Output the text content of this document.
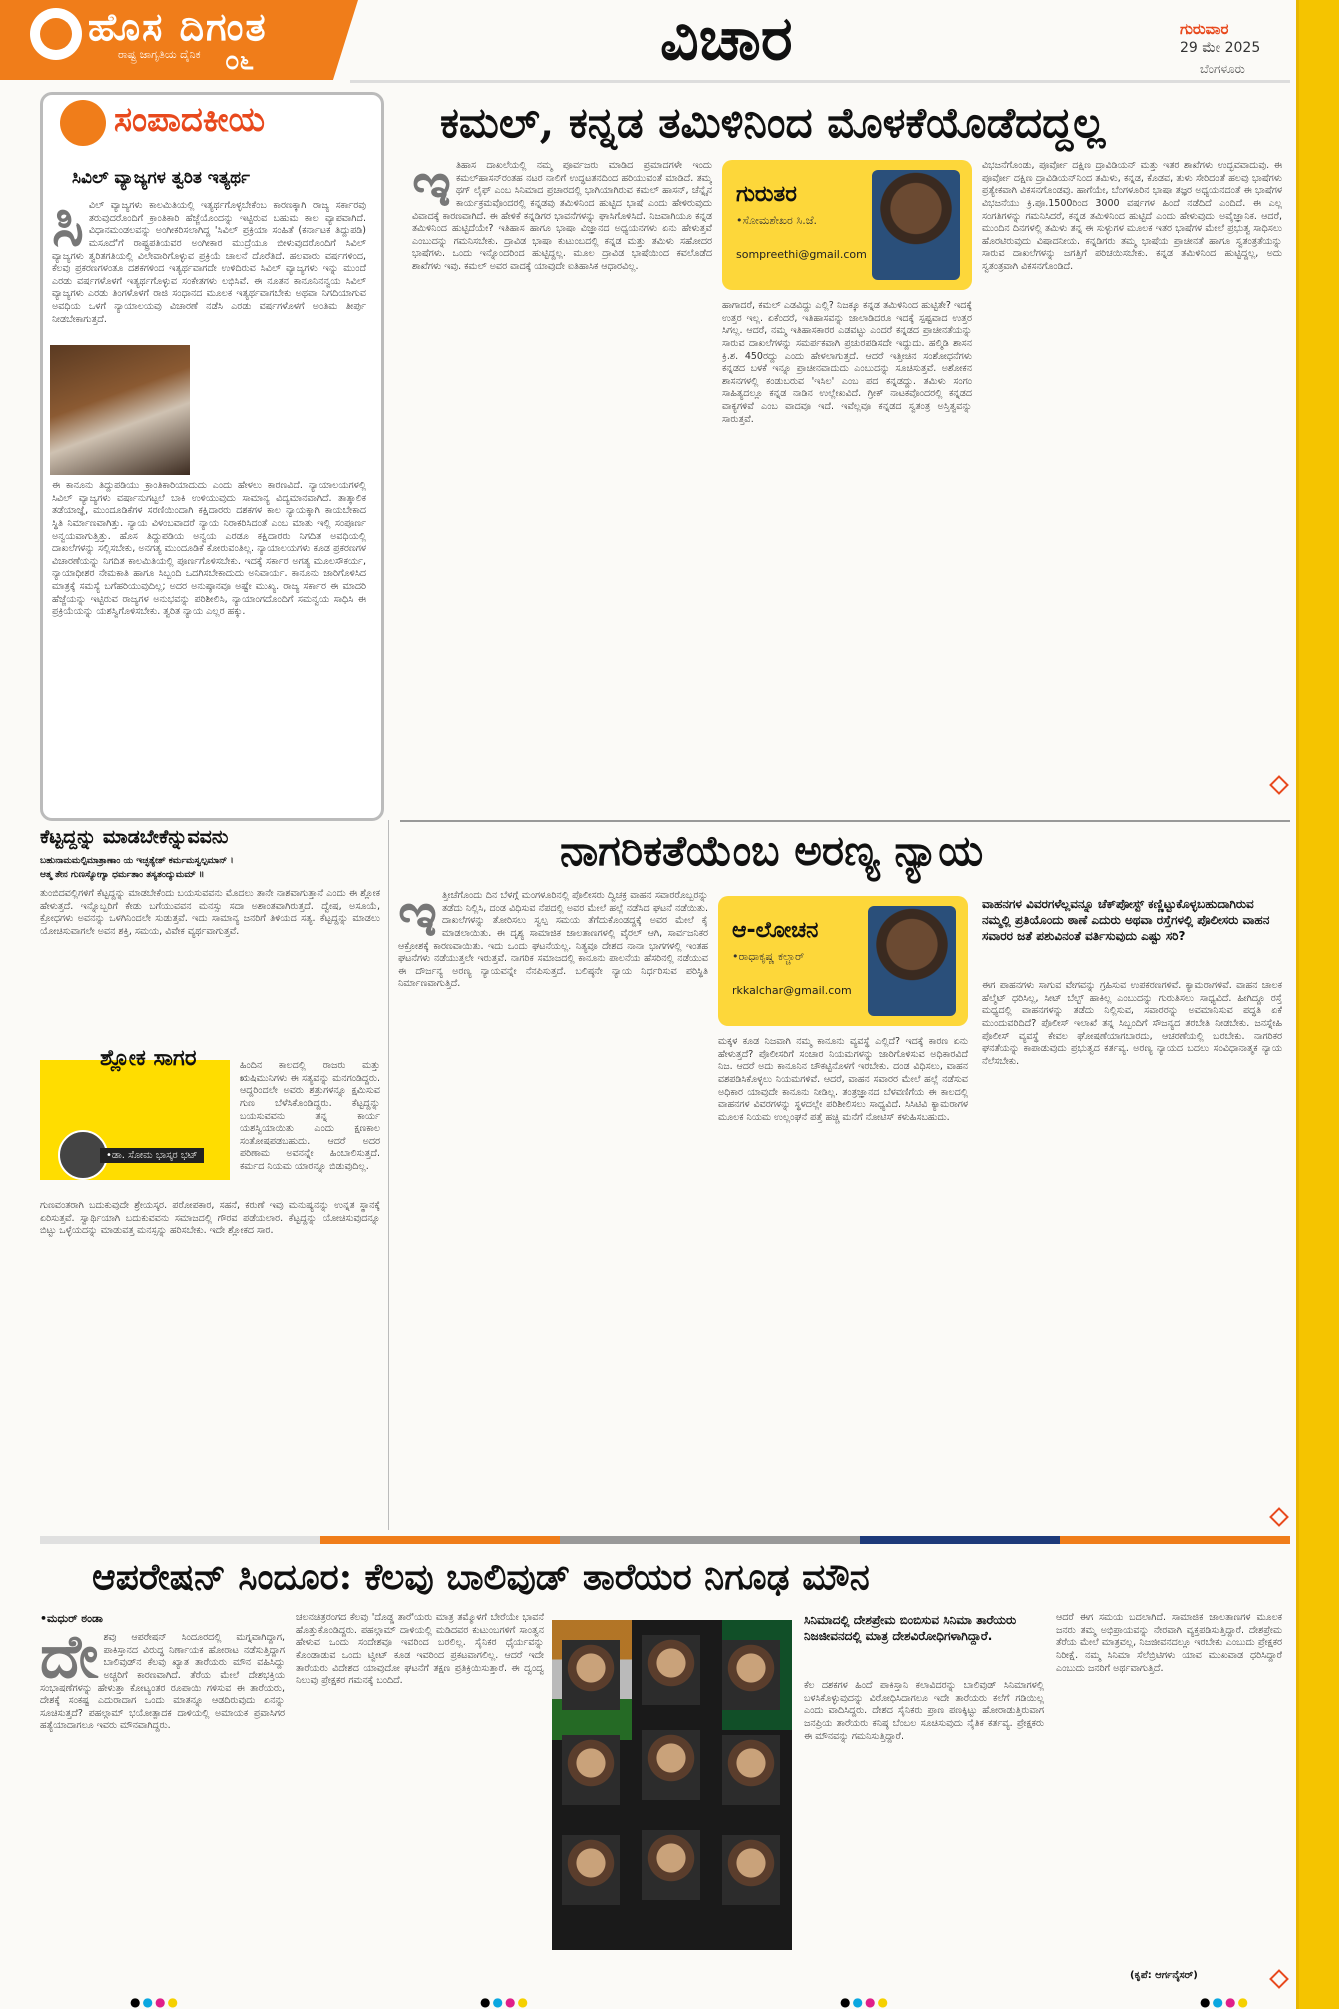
ಹೊಸ ದಿಗಂತ
ರಾಷ್ಟ್ರ ಜಾಗೃತಿಯ ದೈನಿಕ ೦೬	ವಿಚಾರ	ಗುರುವಾರ
29 ಮೇ 2025
ಬೆಂಗಳೂರು
ಸಂಪಾದಕೀಯ
ಸಿವಿಲ್ ವ್ಯಾಜ್ಯಗಳ ತ್ವರಿತ ಇತ್ಯರ್ಥ
ಸಿವಿಲ್ ವ್ಯಾಜ್ಯಗಳು ಕಾಲಮಿತಿಯಲ್ಲಿ ಇತ್ಯರ್ಥಗೊಳ್ಳಬೇಕೆಂಬ ಕಾರಣಕ್ಕಾಗಿ ರಾಜ್ಯ ಸರ್ಕಾರವು ತರುವುದರೊಂದಿಗೆ ಕ್ರಾಂತಿಕಾರಿ ಹೆಜ್ಜೆಯೊಂದನ್ನು ಇಟ್ಟಿರುವ ಬಹುಮ ಕಾಲ ವ್ಯಾಪವಾಗಿದೆ. ವಿಧಾನಮಂಡಲವನ್ನು ಅಂಗೀಕರಿಸಲಾಗಿದ್ದ 'ಸಿವಿಲ್ ಪ್ರಕ್ರಿಯಾ ಸಂಹಿತೆ (ಕರ್ನಾಟಕ ತಿದ್ದುಪಡಿ) ಮಸೂದೆ'ಗೆ ರಾಷ್ಟ್ರಪತಿಯವರ ಅಂಗೀಕಾರ ಮುದ್ರೆಯೂ ಬೀಳುವುದರೊಂದಿಗೆ ಸಿವಿಲ್ ವ್ಯಾಜ್ಯಗಳು ತ್ವರಿತಗತಿಯಲ್ಲಿ ವಿಲೇವಾರಿಗೊಳ್ಳುವ ಪ್ರಕ್ರಿಯೆ ಚಾಲನೆ ದೊರೆತಿದೆ. ಹಲವಾರು ವರ್ಷಗಳಿಂದ, ಕೆಲವು ಪ್ರಕರಣಗಳಂತೂ ದಶಕಗಳಿಂದ ಇತ್ಯರ್ಥವಾಗದೇ ಉಳಿದಿರುವ ಸಿವಿಲ್ ವ್ಯಾಜ್ಯಗಳು ಇನ್ನು ಮುಂದೆ ಎರಡು ವರ್ಷಗಳೊಳಗೆ ಇತ್ಯರ್ಥಗೊಳ್ಳುವ ಸಂಕೇತಗಳು ಲಭಿಸಿವೆ. ಈ ನೂತನ ಕಾನೂನಿನನ್ವಯ ಸಿವಿಲ್ ವ್ಯಾಜ್ಯಗಳು ಎರಡು ತಿಂಗಳೊಳಗೆ ರಾಜಿ ಸಂಧಾನದ ಮೂಲಕ ಇತ್ಯರ್ಥವಾಗಬೇಕು ಅಥವಾ ನಿಗದಿಯಾಗುವ ಅವಧಿಯ ಒಳಗೆ ನ್ಯಾಯಾಲಯವು ವಿಚಾರಣೆ ನಡೆಸಿ ಎರಡು ವರ್ಷಗಳೊಳಗೆ ಅಂತಿಮ ತೀರ್ಪು ನೀಡಬೇಕಾಗುತ್ತದೆ.
ಈ ಕಾನೂನು ತಿದ್ದುಪಡಿಯು ಕ್ರಾಂತಿಕಾರಿಯಾದುದು ಎಂದು ಹೇಳಲು ಕಾರಣವಿದೆ. ನ್ಯಾಯಾಲಯಗಳಲ್ಲಿ ಸಿವಿಲ್ ವ್ಯಾಜ್ಯಗಳು ವರ್ಷಾನುಗಟ್ಟಲೆ ಬಾಕಿ ಉಳಿಯುವುದು ಸಾಮಾನ್ಯ ವಿದ್ಯಮಾನವಾಗಿದೆ. ತಾತ್ಕಾಲಿಕ ತಡೆಯಾಜ್ಞೆ, ಮುಂದೂಡಿಕೆಗಳ ಸರಣಿಯಿಂದಾಗಿ ಕಕ್ಷಿದಾರರು ದಶಕಗಳ ಕಾಲ ನ್ಯಾಯಕ್ಕಾಗಿ ಕಾಯಬೇಕಾದ ಸ್ಥಿತಿ ನಿರ್ಮಾಣವಾಗಿತ್ತು. ನ್ಯಾಯ ವಿಳಂಬವಾದರೆ ನ್ಯಾಯ ನಿರಾಕರಿಸಿದಂತೆ ಎಂಬ ಮಾತು ಇಲ್ಲಿ ಸಂಪೂರ್ಣ ಅನ್ವಯವಾಗುತ್ತಿತ್ತು. ಹೊಸ ತಿದ್ದುಪಡಿಯ ಅನ್ವಯ ಎರಡೂ ಕಕ್ಷಿದಾರರು ನಿಗದಿತ ಅವಧಿಯಲ್ಲಿ ದಾಖಲೆಗಳನ್ನು ಸಲ್ಲಿಸಬೇಕು, ಅನಗತ್ಯ ಮುಂದೂಡಿಕೆ ಕೋರುವಂತಿಲ್ಲ. ನ್ಯಾಯಾಲಯಗಳು ಕೂಡ ಪ್ರಕರಣಗಳ ವಿಚಾರಣೆಯನ್ನು ನಿಗದಿತ ಕಾಲಮಿತಿಯಲ್ಲಿ ಪೂರ್ಣಗೊಳಿಸಬೇಕು. ಇದಕ್ಕೆ ಸರ್ಕಾರ ಅಗತ್ಯ ಮೂಲಸೌಕರ್ಯ, ನ್ಯಾಯಾಧೀಶರ ನೇಮಕಾತಿ ಹಾಗೂ ಸಿಬ್ಬಂದಿ ಒದಗಿಸಬೇಕಾದುದು ಅನಿವಾರ್ಯ. ಕಾನೂನು ಜಾರಿಗೊಳಿಸಿದ ಮಾತ್ರಕ್ಕೆ ಸಮಸ್ಯೆ ಬಗೆಹರಿಯುವುದಿಲ್ಲ; ಅದರ ಅನುಷ್ಠಾನವೂ ಅಷ್ಟೇ ಮುಖ್ಯ. ರಾಜ್ಯ ಸರ್ಕಾರ ಈ ಮಾದರಿ ಹೆಜ್ಜೆಯನ್ನು ಇಟ್ಟಿರುವ ರಾಜ್ಯಗಳ ಅನುಭವನ್ನು ಪರಿಶೀಲಿಸಿ, ನ್ಯಾಯಾಂಗದೊಂದಿಗೆ ಸಮನ್ವಯ ಸಾಧಿಸಿ ಈ ಪ್ರಕ್ರಿಯೆಯನ್ನು ಯಶಸ್ವಿಗೊಳಿಸಬೇಕು. ತ್ವರಿತ ನ್ಯಾಯ ಎಲ್ಲರ ಹಕ್ಕು.
ಕಮಲ್, ಕನ್ನಡ ತಮಿಳಿನಿಂದ ಮೊಳಕೆಯೊಡೆದದ್ದಲ್ಲ
ಇತಿಹಾಸ ದಾಖಲೆಯಲ್ಲಿ ನಮ್ಮ ಪೂರ್ವಜರು ಮಾಡಿದ ಪ್ರಮಾದಗಳೇ ಇಂದು ಕಮಲ್‌ಹಾಸನ್‌ರಂತಹ ನಟರ ನಾಲಿಗೆ ಉದ್ಧಟತನದಿಂದ ಹರಿಯುವಂತೆ ಮಾಡಿದೆ. ತಮ್ಮ ಥಗ್ ಲೈಫ್ ಎಂಬ ಸಿನಿಮಾದ ಪ್ರಚಾರದಲ್ಲಿ ಭಾಗಿಯಾಗಿರುವ ಕಮಲ್ ಹಾಸನ್, ಚೆನ್ನೈನ ಕಾರ್ಯಕ್ರಮವೊಂದರಲ್ಲಿ ಕನ್ನಡವು ತಮಿಳಿನಿಂದ ಹುಟ್ಟಿದ ಭಾಷೆ ಎಂದು ಹೇಳಿರುವುದು ವಿವಾದಕ್ಕೆ ಕಾರಣವಾಗಿದೆ. ಈ ಹೇಳಿಕೆ ಕನ್ನಡಿಗರ ಭಾವನೆಗಳನ್ನು ಘಾಸಿಗೊಳಿಸಿದೆ. ನಿಜವಾಗಿಯೂ ಕನ್ನಡ ತಮಿಳಿನಿಂದ ಹುಟ್ಟಿದೆಯೇ? ಇತಿಹಾಸ ಹಾಗೂ ಭಾಷಾ ವಿಜ್ಞಾನದ ಅಧ್ಯಯನಗಳು ಏನು ಹೇಳುತ್ತವೆ ಎಂಬುದನ್ನು ಗಮನಿಸಬೇಕು. ದ್ರಾವಿಡ ಭಾಷಾ ಕುಟುಂಬದಲ್ಲಿ ಕನ್ನಡ ಮತ್ತು ತಮಿಳು ಸಹೋದರ ಭಾಷೆಗಳು. ಒಂದು ಇನ್ನೊಂದರಿಂದ ಹುಟ್ಟಿದ್ದಲ್ಲ. ಮೂಲ ದ್ರಾವಿಡ ಭಾಷೆಯಿಂದ ಕವಲೊಡೆದ ಶಾಖೆಗಳು ಇವು. ಕಮಲ್ ಅವರ ವಾದಕ್ಕೆ ಯಾವುದೇ ಐತಿಹಾಸಿಕ ಆಧಾರವಿಲ್ಲ.
ಗುರುತರ
•ಸೋಮಶೇಖರ ಸಿ.ಜೆ.
sompreethi@gmail.com
ಹಾಗಾದರೆ, ಕಮಲ್ ಎಡವಿದ್ದು ಎಲ್ಲಿ? ನಿಜಕ್ಕೂ ಕನ್ನಡ ತಮಿಳಿನಿಂದ ಹುಟ್ಟಿತೇ? ಇದಕ್ಕೆ ಉತ್ತರ ಇಲ್ಲ. ಏಕೆಂದರೆ, ಇತಿಹಾಸವನ್ನು ಜಾಲಾಡಿದರೂ ಇದಕ್ಕೆ ಸ್ಪಷ್ಟವಾದ ಉತ್ತರ ಸಿಗಲ್ಲ. ಆದರೆ, ನಮ್ಮ ಇತಿಹಾಸಕಾರರ ಎಡವಟ್ಟು ಎಂದರೆ ಕನ್ನಡದ ಪ್ರಾಚೀನತೆಯನ್ನು ಸಾರುವ ದಾಖಲೆಗಳನ್ನು ಸಮರ್ಪಕವಾಗಿ ಪ್ರಚುರಪಡಿಸದೇ ಇದ್ದುದು. ಹಲ್ಮಿಡಿ ಶಾಸನ ಕ್ರಿ.ಶ. 450ರದ್ದು ಎಂದು ಹೇಳಲಾಗುತ್ತದೆ. ಆದರೆ ಇತ್ತೀಚಿನ ಸಂಶೋಧನೆಗಳು ಕನ್ನಡದ ಬಳಕೆ ಇನ್ನೂ ಪ್ರಾಚೀನವಾದುದು ಎಂಬುದನ್ನು ಸೂಚಿಸುತ್ತವೆ. ಅಶೋಕನ ಶಾಸನಗಳಲ್ಲಿ ಕಂಡುಬರುವ 'ಇಸಿಲ' ಎಂಬ ಪದ ಕನ್ನಡದ್ದು. ತಮಿಳು ಸಂಗಂ ಸಾಹಿತ್ಯದಲ್ಲೂ ಕನ್ನಡ ನಾಡಿನ ಉಲ್ಲೇಖವಿದೆ. ಗ್ರೀಕ್ ನಾಟಕವೊಂದರಲ್ಲಿ ಕನ್ನಡದ ವಾಕ್ಯಗಳಿವೆ ಎಂಬ ವಾದವೂ ಇದೆ. ಇವೆಲ್ಲವೂ ಕನ್ನಡದ ಸ್ವತಂತ್ರ ಅಸ್ತಿತ್ವವನ್ನು ಸಾರುತ್ತವೆ.
ವಿಭಜನೆಗೊಂಡು, ಪೂರ್ವೋ ದಕ್ಷಿಣ ದ್ರಾವಿಡಿಯನ್ ಮತ್ತು ಇತರ ಶಾಖೆಗಳು ಉದ್ಭವವಾದುವು. ಈ ಪೂರ್ವೋ ದಕ್ಷಿಣ ದ್ರಾವಿಡಿಯನ್‌ನಿಂದ ತಮಿಳು, ಕನ್ನಡ, ಕೊಡವ, ತುಳು ಸೇರಿದಂತೆ ಹಲವು ಭಾಷೆಗಳು ಪ್ರತ್ಯೇಕವಾಗಿ ವಿಕಸನಗೊಂಡವು. ಹಾಗೆಯೇ, ಬೆಂಗಳೂರಿನ ಭಾಷಾ ತಜ್ಞರ ಅಧ್ಯಯನದಂತೆ ಈ ಭಾಷೆಗಳ ವಿಭಜನೆಯು ಕ್ರಿ.ಪೂ.1500ರಿಂದ 3000 ವರ್ಷಗಳ ಹಿಂದೆ ನಡೆದಿದೆ ಎಂದಿದೆ. ಈ ಎಲ್ಲ ಸಂಗತಿಗಳನ್ನು ಗಮನಿಸಿದರೆ, ಕನ್ನಡ ತಮಿಳಿನಿಂದ ಹುಟ್ಟಿದೆ ಎಂದು ಹೇಳುವುದು ಅವೈಜ್ಞಾನಿಕ. ಆದರೆ, ಮುಂದಿನ ದಿನಗಳಲ್ಲಿ ತಮಿಳು ತನ್ನ ಈ ಸುಳ್ಳುಗಳ ಮೂಲಕ ಇತರ ಭಾಷೆಗಳ ಮೇಲೆ ಪ್ರಭುತ್ವ ಸಾಧಿಸಲು ಹೊರಟಿರುವುದು ವಿಷಾದನೀಯ. ಕನ್ನಡಿಗರು ತಮ್ಮ ಭಾಷೆಯ ಪ್ರಾಚೀನತೆ ಹಾಗೂ ಸ್ವತಂತ್ರತೆಯನ್ನು ಸಾರುವ ದಾಖಲೆಗಳನ್ನು ಜಗತ್ತಿಗೆ ಪರಿಚಯಿಸಬೇಕು. ಕನ್ನಡ ತಮಿಳಿನಿಂದ ಹುಟ್ಟಿದ್ದಲ್ಲ, ಅದು ಸ್ವತಂತ್ರವಾಗಿ ವಿಕಸನಗೊಂಡಿದೆ.
ಕೆಟ್ಟದ್ದನ್ನು ಮಾಡಬೇಕೆನ್ನುವವನು
ಬಹುನಾಮಮಲ್ಪಿಮಾತ್ರಾಣಾಂ ಯ ಇಚ್ಛತ್ಯೇತ್ ಕರ್ಮಮಸ್ವಲ್ಪಮಾನ್ ।
ಆತ್ಮ ತೇನ ಗುಣಸ್ಯೋಗ್ಯಾ ಧರ್ಮತಾಂ ತಸ್ಯತಂದ್ಯುಮಮ್ ॥
ತುಂಬಿದವಲ್ಲಿಗಳಿಗೆ ಕೆಟ್ಟದ್ದನ್ನು ಮಾಡಬೇಕೆಂದು ಬಯಸುವವನು ಮೊದಲು ತಾನೇ ನಾಶವಾಗುತ್ತಾನೆ ಎಂದು ಈ ಶ್ಲೋಕ ಹೇಳುತ್ತದೆ. ಇನ್ನೊಬ್ಬರಿಗೆ ಕೇಡು ಬಗೆಯುವವನ ಮನಸ್ಸು ಸದಾ ಅಶಾಂತವಾಗಿರುತ್ತದೆ. ದ್ವೇಷ, ಅಸೂಯೆ, ಕ್ರೋಧಗಳು ಅವನನ್ನು ಒಳಗಿನಿಂದಲೇ ಸುಡುತ್ತವೆ. ಇದು ಸಾಮಾನ್ಯ ಜನರಿಗೆ ತಿಳಿಯದ ಸತ್ಯ. ಕೆಟ್ಟದ್ದನ್ನು ಮಾಡಲು ಯೋಚಿಸುವಾಗಲೇ ಅವನ ಶಕ್ತಿ, ಸಮಯ, ವಿವೇಕ ವ್ಯರ್ಥವಾಗುತ್ತವೆ.
ಶ್ಲೋಕ ಸಾಗರ
•ಡಾ. ಸೋಮ ಭಾಸ್ಕರ ಭಟ್
ಹಿಂದಿನ ಕಾಲದಲ್ಲಿ ರಾಜರು ಮತ್ತು ಋಷಿಮುನಿಗಳು ಈ ಸತ್ಯವನ್ನು ಮನಗಂಡಿದ್ದರು. ಆದ್ದರಿಂದಲೇ ಅವರು ಶತ್ರುಗಳನ್ನೂ ಕ್ಷಮಿಸುವ ಗುಣ ಬೆಳೆಸಿಕೊಂಡಿದ್ದರು. ಕೆಟ್ಟದ್ದನ್ನು ಬಯಸುವವನು ತನ್ನ ಕಾರ್ಯ ಯಶಸ್ವಿಯಾಯಿತು ಎಂದು ಕ್ಷಣಕಾಲ ಸಂತೋಷಪಡಬಹುದು. ಆದರೆ ಅದರ ಪರಿಣಾಮ ಅವನನ್ನೇ ಹಿಂಬಾಲಿಸುತ್ತದೆ. ಕರ್ಮದ ನಿಯಮ ಯಾರನ್ನೂ ಬಿಡುವುದಿಲ್ಲ.
ಗುಣವಂತರಾಗಿ ಬದುಕುವುದೇ ಶ್ರೇಯಸ್ಕರ. ಪರೋಪಕಾರ, ಸಹನೆ, ಕರುಣೆ ಇವು ಮನುಷ್ಯನನ್ನು ಉನ್ನತ ಸ್ಥಾನಕ್ಕೆ ಏರಿಸುತ್ತವೆ. ಸ್ವಾರ್ಥಿಯಾಗಿ ಬದುಕುವವನು ಸಮಾಜದಲ್ಲಿ ಗೌರವ ಪಡೆಯಲಾರ. ಕೆಟ್ಟದ್ದನ್ನು ಯೋಚಿಸುವುದನ್ನೂ ಬಿಟ್ಟು ಒಳ್ಳೆಯದನ್ನು ಮಾಡುವತ್ತ ಮನಸ್ಸನ್ನು ಹರಿಸಬೇಕು. ಇದೇ ಶ್ಲೋಕದ ಸಾರ.
ನಾಗರಿಕತೆಯೆಂಬ ಅರಣ್ಯ ನ್ಯಾಯ
ಇತ್ತೀಚೆಗೊಂದು ದಿನ ಬೆಳಗ್ಗೆ ಮಂಗಳೂರಿನಲ್ಲಿ ಪೊಲೀಸರು ದ್ವಿಚಕ್ರ ವಾಹನ ಸವಾರರೊಬ್ಬರನ್ನು ತಡೆದು ನಿಲ್ಲಿಸಿ, ದಂಡ ವಿಧಿಸುವ ನೆಪದಲ್ಲಿ ಅವರ ಮೇಲೆ ಹಲ್ಲೆ ನಡೆಸಿದ ಘಟನೆ ನಡೆಯಿತು. ದಾಖಲೆಗಳನ್ನು ತೋರಿಸಲು ಸ್ವಲ್ಪ ಸಮಯ ತೆಗೆದುಕೊಂಡದ್ದಕ್ಕೆ ಅವರ ಮೇಲೆ ಕೈ ಮಾಡಲಾಯಿತು. ಈ ದೃಶ್ಯ ಸಾಮಾಜಿಕ ಜಾಲತಾಣಗಳಲ್ಲಿ ವೈರಲ್ ಆಗಿ, ಸಾರ್ವಜನಿಕರ ಆಕ್ರೋಶಕ್ಕೆ ಕಾರಣವಾಯಿತು. ಇದು ಒಂದು ಘಟನೆಯಲ್ಲ. ನಿತ್ಯವೂ ದೇಶದ ನಾನಾ ಭಾಗಗಳಲ್ಲಿ ಇಂತಹ ಘಟನೆಗಳು ನಡೆಯುತ್ತಲೇ ಇರುತ್ತವೆ. ನಾಗರಿಕ ಸಮಾಜದಲ್ಲಿ ಕಾನೂನು ಪಾಲನೆಯ ಹೆಸರಿನಲ್ಲಿ ನಡೆಯುವ ಈ ದೌರ್ಜನ್ಯ ಅರಣ್ಯ ನ್ಯಾಯವನ್ನೇ ನೆನಪಿಸುತ್ತದೆ. ಬಲಿಷ್ಠನೇ ನ್ಯಾಯ ನಿರ್ಧರಿಸುವ ಪರಿಸ್ಥಿತಿ ನಿರ್ಮಾಣವಾಗುತ್ತಿದೆ.
ಆ-ಲೋಚನ
•ರಾಧಾಕೃಷ್ಣ ಕಲ್ಚಾರ್
rkkalchar@gmail.com
ಮಕ್ಕಳ ಕೂಡ ನಿಜವಾಗಿ ನಮ್ಮ ಕಾನೂನು ವ್ಯವಸ್ಥೆ ಎಲ್ಲಿದೆ? ಇದಕ್ಕೆ ಕಾರಣ ಏನು ಹೇಳುತ್ತದೆ? ಪೊಲೀಸರಿಗೆ ಸಂಚಾರ ನಿಯಮಗಳನ್ನು ಜಾರಿಗೊಳಿಸುವ ಅಧಿಕಾರವಿದೆ ನಿಜ. ಆದರೆ ಅದು ಕಾನೂನಿನ ಚೌಕಟ್ಟಿನೊಳಗೆ ಇರಬೇಕು. ದಂಡ ವಿಧಿಸಲು, ವಾಹನ ವಶಪಡಿಸಿಕೊಳ್ಳಲು ನಿಯಮಗಳಿವೆ. ಆದರೆ, ವಾಹನ ಸವಾರರ ಮೇಲೆ ಹಲ್ಲೆ ನಡೆಸುವ ಅಧಿಕಾರ ಯಾವುದೇ ಕಾನೂನು ನೀಡಿಲ್ಲ. ತಂತ್ರಜ್ಞಾನದ ಬೆಳವಣಿಗೆಯ ಈ ಕಾಲದಲ್ಲಿ ವಾಹನಗಳ ವಿವರಗಳನ್ನು ಸ್ಥಳದಲ್ಲೇ ಪರಿಶೀಲಿಸಲು ಸಾಧ್ಯವಿದೆ. ಸಿಸಿಟಿವಿ ಕ್ಯಾಮರಾಗಳ ಮೂಲಕ ನಿಯಮ ಉಲ್ಲಂಘನೆ ಪತ್ತೆ ಹಚ್ಚಿ ಮನೆಗೆ ನೋಟಿಸ್ ಕಳುಹಿಸಬಹುದು.
ವಾಹನಗಳ ವಿವರಗಳೆಲ್ಲವನ್ನೂ ಚೆಕ್‌ಪೋಸ್ಟ್ ಕಣ್ಣಿಟ್ಟುಕೊಳ್ಳಬಹುದಾಗಿರುವ ನಮ್ಮಲ್ಲಿ ಪ್ರತಿಯೊಂದು ಠಾಣೆ ಎದುರು ಅಥವಾ ರಸ್ತೆಗಳಲ್ಲಿ ಪೊಲೀಸರು ವಾಹನ ಸವಾರರ ಜತೆ ಪಶುವಿನಂತೆ ವರ್ತಿಸುವುದು ಎಷ್ಟು ಸರಿ?
ಈಗ ಪಾಹನಗಳು ಸಾಗುವ ವೇಗವನ್ನು ಗ್ರಹಿಸುವ ಉಪಕರಣಗಳಿವೆ. ಕ್ಯಾಮರಾಗಳಿವೆ. ವಾಹನ ಚಾಲಕ ಹೆಲ್ಮೆಟ್ ಧರಿಸಿಲ್ಲ, ಸೀಟ್ ಬೆಲ್ಟ್ ಹಾಕಿಲ್ಲ ಎಂಬುದನ್ನು ಗುರುತಿಸಲು ಸಾಧ್ಯವಿದೆ. ಹೀಗಿದ್ದೂ ರಸ್ತೆ ಮಧ್ಯದಲ್ಲಿ ವಾಹನಗಳನ್ನು ತಡೆದು ನಿಲ್ಲಿಸುವ, ಸವಾರರನ್ನು ಅವಮಾನಿಸುವ ಪದ್ಧತಿ ಏಕೆ ಮುಂದುವರಿದಿದೆ? ಪೊಲೀಸ್ ಇಲಾಖೆ ತನ್ನ ಸಿಬ್ಬಂದಿಗೆ ಸೌಜನ್ಯದ ತರಬೇತಿ ನೀಡಬೇಕು. ಜನಸ್ನೇಹಿ ಪೊಲೀಸ್ ವ್ಯವಸ್ಥೆ ಕೇವಲ ಘೋಷಣೆಯಾಗಬಾರದು, ಆಚರಣೆಯಲ್ಲಿ ಬರಬೇಕು. ನಾಗರಿಕರ ಘನತೆಯನ್ನು ಕಾಪಾಡುವುದು ಪ್ರಭುತ್ವದ ಕರ್ತವ್ಯ. ಅರಣ್ಯ ನ್ಯಾಯದ ಬದಲು ಸಂವಿಧಾನಾತ್ಮಕ ನ್ಯಾಯ ನೆಲೆಸಬೇಕು.
ಆಪರೇಷನ್ ಸಿಂದೂರ: ಕೆಲವು ಬಾಲಿವುಡ್ ತಾರೆಯರ ನಿಗೂಢ ಮೌನ
•ಮಧುರ್ ಠಂಡಾ
ದೇಶವು ಆಪರೇಷನ್ ಸಿಂದೂರದಲ್ಲಿ ಮಗ್ನವಾಗಿದ್ದಾಗ, ಪಾಕಿಸ್ತಾನದ ವಿರುದ್ಧ ನಿರ್ಣಾಯಕ ಹೋರಾಟ ನಡೆಸುತ್ತಿದ್ದಾಗ ಬಾಲಿವುಡ್‌ನ ಕೆಲವು ಖ್ಯಾತ ತಾರೆಯರು ಮೌನ ವಹಿಸಿದ್ದು ಅಚ್ಚರಿಗೆ ಕಾರಣವಾಗಿದೆ. ತೆರೆಯ ಮೇಲೆ ದೇಶಭಕ್ತಿಯ ಸಂಭಾಷಣೆಗಳನ್ನು ಹೇಳುತ್ತಾ ಕೋಟ್ಯಂತರ ರೂಪಾಯಿ ಗಳಿಸುವ ಈ ತಾರೆಯರು, ದೇಶಕ್ಕೆ ಸಂಕಷ್ಟ ಎದುರಾದಾಗ ಒಂದು ಮಾತನ್ನೂ ಆಡದಿರುವುದು ಏನನ್ನು ಸೂಚಿಸುತ್ತದೆ? ಪಹಲ್ಗಾಮ್ ಭಯೋತ್ಪಾದಕ ದಾಳಿಯಲ್ಲಿ ಅಮಾಯಕ ಪ್ರವಾಸಿಗರ ಹತ್ಯೆಯಾದಾಗಲೂ ಇವರು ಮೌನವಾಗಿದ್ದರು.
ಚಲನಚಿತ್ರರಂಗದ ಕೆಲವು 'ದೊಡ್ಡ ತಾರೆ'ಯರು ಮಾತ್ರ ತಮ್ಮೊಳಗೆ ಬೇರೆಯೇ ಭಾವನೆ ಹೊತ್ತುಕೊಂಡಿದ್ದರು. ಪಹಲ್ಗಾಮ್ ದಾಳಿಯಲ್ಲಿ ಮಡಿದವರ ಕುಟುಂಬಗಳಿಗೆ ಸಾಂತ್ವನ ಹೇಳುವ ಒಂದು ಸಂದೇಶವೂ ಇವರಿಂದ ಬರಲಿಲ್ಲ. ಸೈನಿಕರ ಧೈರ್ಯವನ್ನು ಕೊಂಡಾಡುವ ಒಂದು ಟ್ವೀಟ್ ಕೂಡ ಇವರಿಂದ ಪ್ರಕಟವಾಗಲಿಲ್ಲ. ಆದರೆ ಇದೇ ತಾರೆಯರು ವಿದೇಶದ ಯಾವುದೋ ಘಟನೆಗೆ ತಕ್ಷಣ ಪ್ರತಿಕ್ರಿಯಿಸುತ್ತಾರೆ. ಈ ದ್ವಂದ್ವ ನಿಲುವು ಪ್ರೇಕ್ಷಕರ ಗಮನಕ್ಕೆ ಬಂದಿದೆ.
ಸಿನಿಮಾದಲ್ಲಿ ದೇಶಪ್ರೇಮ ಬಿಂಬಿಸುವ ಸಿನಿಮಾ ತಾರೆಯರು ನಿಜಜೀವನದಲ್ಲಿ ಮಾತ್ರ ದೇಶವಿರೋಧಿಗಳಾಗಿದ್ದಾರೆ.
ಕೆಲ ದಶಕಗಳ ಹಿಂದೆ ಪಾಕಿಸ್ತಾನಿ ಕಲಾವಿದರನ್ನು ಬಾಲಿವುಡ್ ಸಿನಿಮಾಗಳಲ್ಲಿ ಬಳಸಿಕೊಳ್ಳುವುದನ್ನು ವಿರೋಧಿಸಿದಾಗಲೂ ಇದೇ ತಾರೆಯರು ಕಲೆಗೆ ಗಡಿಯಿಲ್ಲ ಎಂದು ವಾದಿಸಿದ್ದರು. ದೇಶದ ಸೈನಿಕರು ಪ್ರಾಣ ಪಣಕ್ಕಿಟ್ಟು ಹೋರಾಡುತ್ತಿರುವಾಗ ಜನಪ್ರಿಯ ತಾರೆಯರು ಕನಿಷ್ಠ ಬೆಂಬಲ ಸೂಚಿಸುವುದು ನೈತಿಕ ಕರ್ತವ್ಯ. ಪ್ರೇಕ್ಷಕರು ಈ ಮೌನವನ್ನು ಗಮನಿಸುತ್ತಿದ್ದಾರೆ.
ಆದರೆ ಈಗ ಸಮಯ ಬದಲಾಗಿದೆ. ಸಾಮಾಜಿಕ ಜಾಲತಾಣಗಳ ಮೂಲಕ ಜನರು ತಮ್ಮ ಅಭಿಪ್ರಾಯವನ್ನು ನೇರವಾಗಿ ವ್ಯಕ್ತಪಡಿಸುತ್ತಿದ್ದಾರೆ. ದೇಶಪ್ರೇಮ ತೆರೆಯ ಮೇಲೆ ಮಾತ್ರವಲ್ಲ, ನಿಜಜೀವನದಲ್ಲೂ ಇರಬೇಕು ಎಂಬುದು ಪ್ರೇಕ್ಷಕರ ನಿರೀಕ್ಷೆ. ನಮ್ಮ ಸಿನಿಮಾ ಸೆಲೆಬ್ರಿಟಿಗಳು ಯಾವ ಮುಖವಾಡ ಧರಿಸಿದ್ದಾರೆ ಎಂಬುದು ಜನರಿಗೆ ಅರ್ಥವಾಗುತ್ತಿದೆ.
(ಕೃಪೆ: ಆರ್ಗನೈಸರ್)
●●●●	●●●●	●●●●	●●●●
